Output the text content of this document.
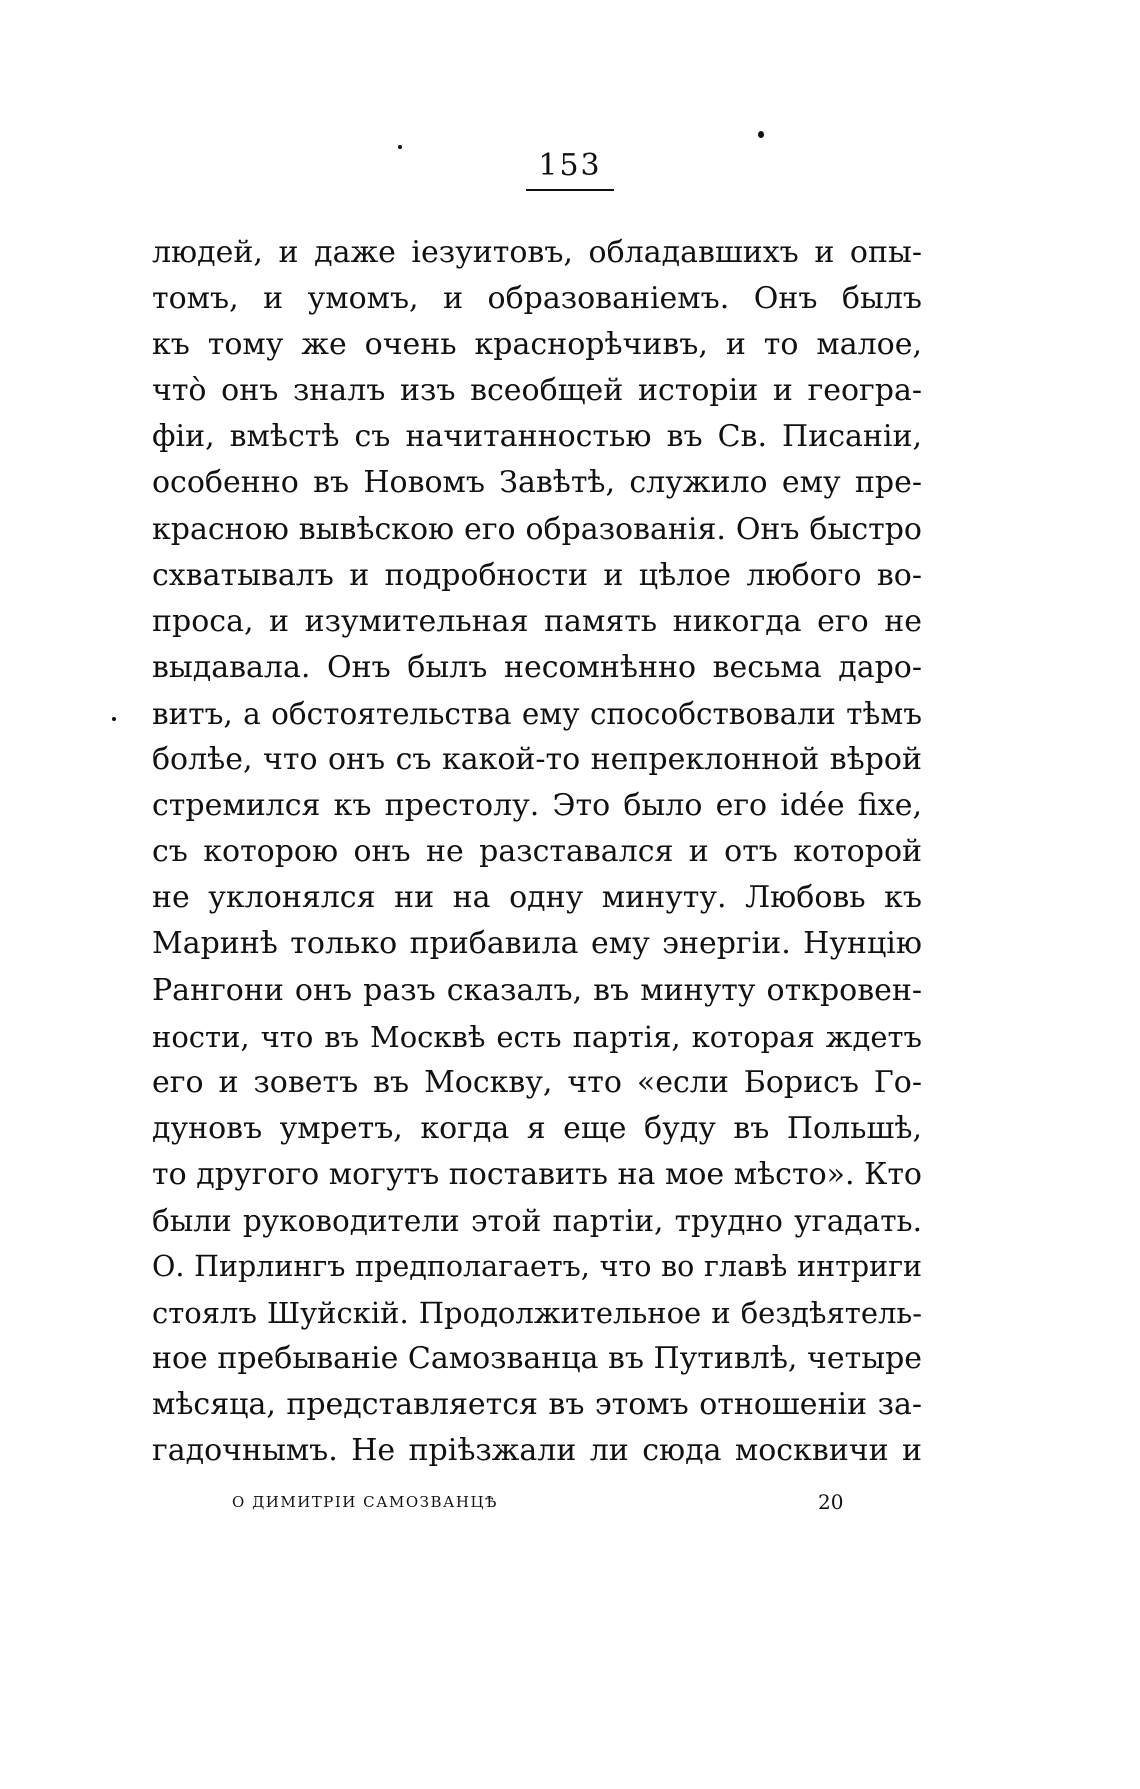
153
людей, и даже iезуитовъ, обладавшихъ и опы-
томъ, и умомъ, и образованiемъ. Онъ былъ
къ тому же очень краснорѣчивъ, и то малое,
что̀ онъ зналъ изъ всеобщей исторiи и геогра-
фiи, вмѣстѣ съ начитанностью въ Св. Писанiи,
особенно въ Новомъ Завѣтѣ, служило ему пре-
красною вывѣскою его образованiя. Онъ быстро
схватывалъ и подробности и цѣлое любого во-
проса, и изумительная память никогда его не
выдавала. Онъ былъ несомнѣнно весьма даро-
витъ, а обстоятельства ему способствовали тѣмъ
болѣе, что онъ съ какой-то непреклонной вѣрой
стремился къ престолу. Это было его idée fixe,
съ которою онъ не разставался и отъ которой
не уклонялся ни на одну минуту. Любовь къ
Маринѣ только прибавила ему энергiи. Нунцiю
Рангони онъ разъ сказалъ, въ минуту откровен-
ности, что въ Москвѣ есть партiя, которая ждетъ
его и зоветъ въ Москву, что «если Борисъ Го-
дуновъ умретъ, когда я еще буду въ Польшѣ,
то другого могутъ поставить на мое мѣсто». Кто
были руководители этой партiи, трудно угадать.
О. Пирлингъ предполагаетъ, что во главѣ интриги
стоялъ Шуйскiй. Продолжительное и бездѣятель-
ное пребыванiе Самозванца въ Путивлѣ, четыре
мѣсяца, представляется въ этомъ отношенiи за-
гадочнымъ. Не прiѣзжали ли сюда москвичи и
О ДИМИТРIИ САМОЗВАНЦѢ	20
